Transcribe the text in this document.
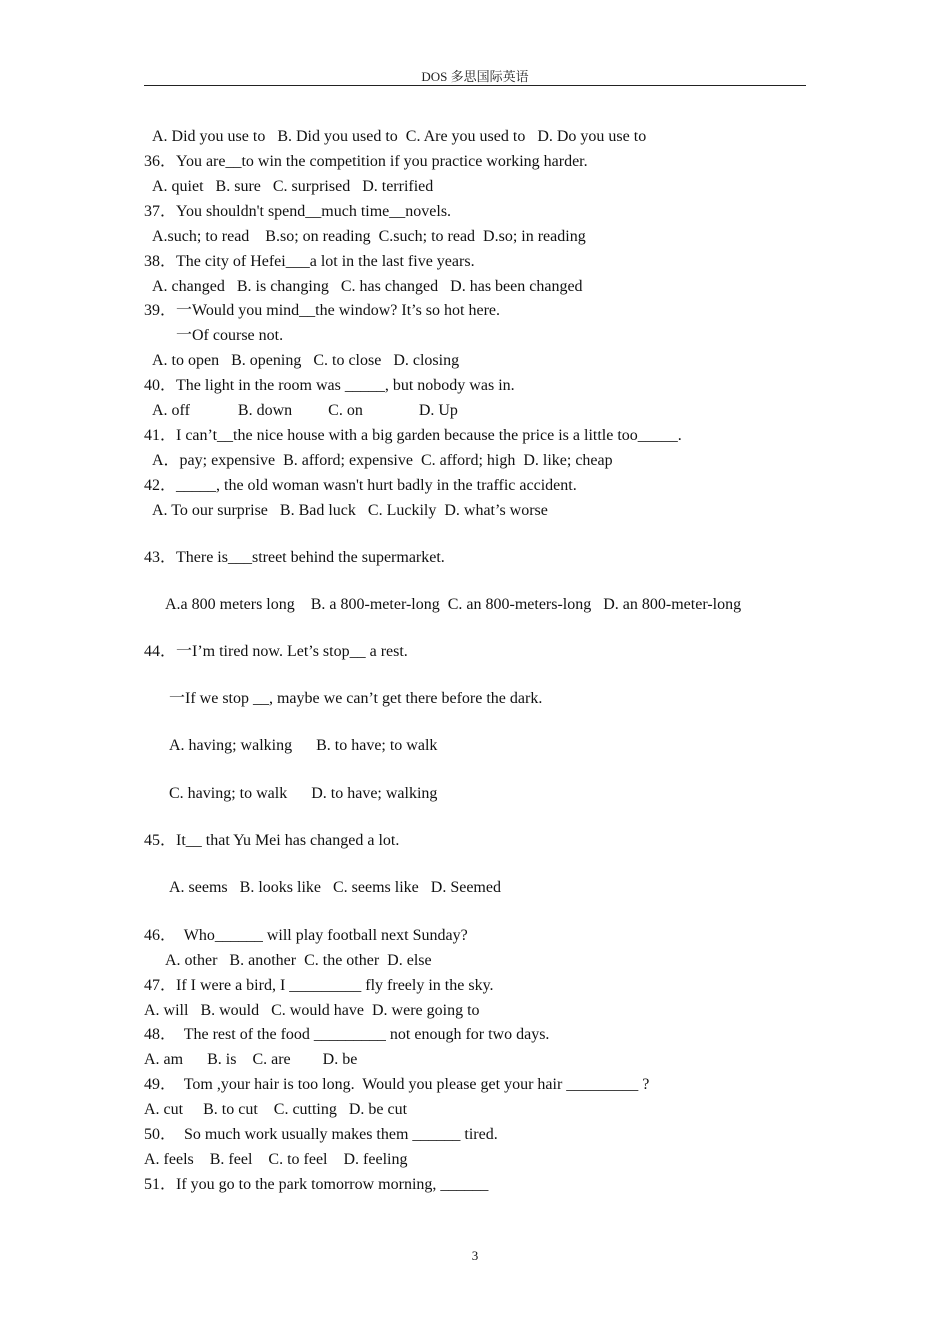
DOS 多思国际英语
A. Did you use to   B. Did you used to  C. Are you used to   D. Do you use to
36．You are__to win the competition if you practice working harder.
A. quiet   B. sure   C. surprised   D. terrified
37．You shouldn't spend__much time__novels.
A.such; to read    B.so; on reading  C.such; to read  D.so; in reading
38．The city of Hefei___a lot in the last five years.
A. changed   B. is changing   C. has changed   D. has been changed
39．一Would you mind__the window? It’s so hot here.
一Of course not.
A. to open   B. opening   C. to close   D. closing
40．The light in the room was _____, but nobody was in.
A. off            B. down         C. on              D. Up
41．I can’t__the nice house with a big garden because the price is a little too_____.
A．pay; expensive  B. afford; expensive  C. afford; high  D. like; cheap
42．_____, the old woman wasn't hurt badly in the traffic accident.
A. To our surprise   B. Bad luck   C. Luckily  D. what’s worse
43．There is___street behind the supermarket.
A.a 800 meters long    B. a 800-meter-long  C. an 800-meters-long   D. an 800-meter-long
44．一I’m tired now. Let’s stop__ a rest.
一If we stop __, maybe we can’t get there before the dark.
A. having; walking      B. to have; to walk
C. having; to walk      D. to have; walking
45．It__ that Yu Mei has changed a lot.
A. seems   B. looks like   C. seems like   D. Seemed
46．  Who______ will play football next Sunday?
A. other   B. another  C. the other  D. else
47．If I were a bird, I _________ fly freely in the sky.
A. will   B. would   C. would have  D. were going to
48．  The rest of the food _________ not enough for two days.
A. am      B. is    C. are        D. be
49．  Tom ,your hair is too long.  Would you please get your hair _________ ?
A. cut     B. to cut    C. cutting   D. be cut
50．  So much work usually makes them ______ tired.
A. feels    B. feel    C. to feel    D. feeling
51．If you go to the park tomorrow morning, ______
3
